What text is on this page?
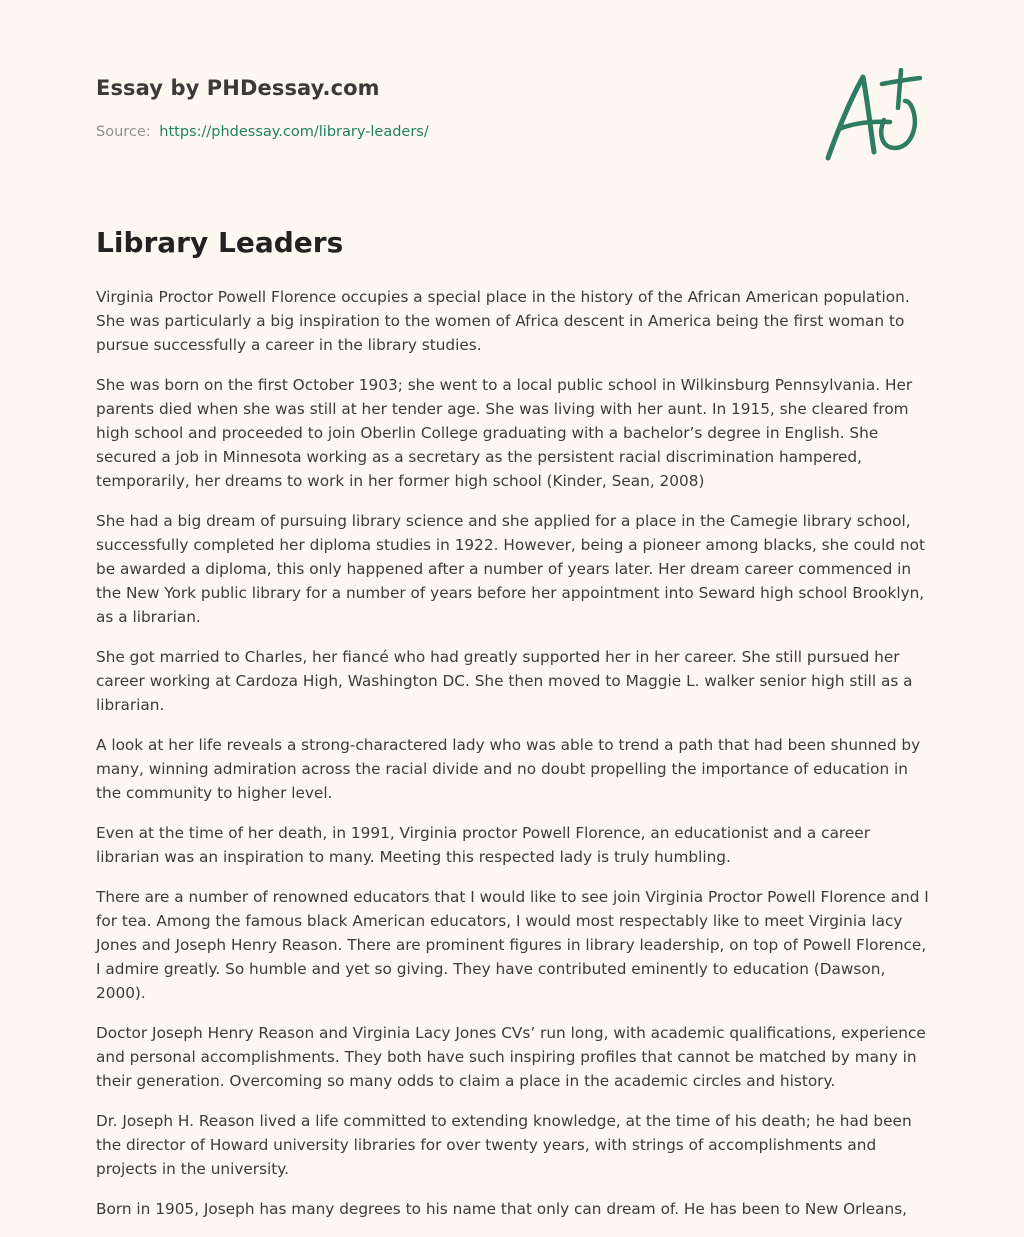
Essay by PHDessay.com
Source: https://phdessay.com/library-leaders/
Library Leaders

Virginia Proctor Powell Florence occupies a special place in the history of the African American population. She was particularly a big inspiration to the women of Africa descent in America being the first woman to pursue successfully a career in the library studies.

She was born on the first October 1903; she went to a local public school in Wilkinsburg Pennsylvania. Her parents died when she was still at her tender age. She was living with her aunt. In 1915, she cleared from high school and proceeded to join Oberlin College graduating with a bachelor’s degree in English. She secured a job in Minnesota working as a secretary as the persistent racial discrimination hampered, temporarily, her dreams to work in her former high school (Kinder, Sean, 2008)

She had a big dream of pursuing library science and she applied for a place in the Camegie library school, successfully completed her diploma studies in 1922. However, being a pioneer among blacks, she could not be awarded a diploma, this only happened after a number of years later. Her dream career commenced in the New York public library for a number of years before her appointment into Seward high school Brooklyn, as a librarian.

She got married to Charles, her fiancé who had greatly supported her in her career. She still pursued her career working at Cardoza High, Washington DC. She then moved to Maggie L. walker senior high still as a librarian.

A look at her life reveals a strong-charactered lady who was able to trend a path that had been shunned by many, winning admiration across the racial divide and no doubt propelling the importance of education in the community to higher level.

Even at the time of her death, in 1991, Virginia proctor Powell Florence, an educationist and a career librarian was an inspiration to many. Meeting this respected lady is truly humbling.

There are a number of renowned educators that I would like to see join Virginia Proctor Powell Florence and I for tea. Among the famous black American educators, I would most respectably like to meet Virginia lacy Jones and Joseph Henry Reason. There are prominent figures in library leadership, on top of Powell Florence, I admire greatly. So humble and yet so giving. They have contributed eminently to education (Dawson, 2000).

Doctor Joseph Henry Reason and Virginia Lacy Jones CVs’ run long, with academic qualifications, experience and personal accomplishments. They both have such inspiring profiles that cannot be matched by many in their generation. Overcoming so many odds to claim a place in the academic circles and history.

Dr. Joseph H. Reason lived a life committed to extending knowledge, at the time of his death; he had been the director of Howard university libraries for over twenty years, with strings of accomplishments and projects in the university.

Born in 1905, Joseph has many degrees to his name that only can dream of. He has been to New Orleans,
